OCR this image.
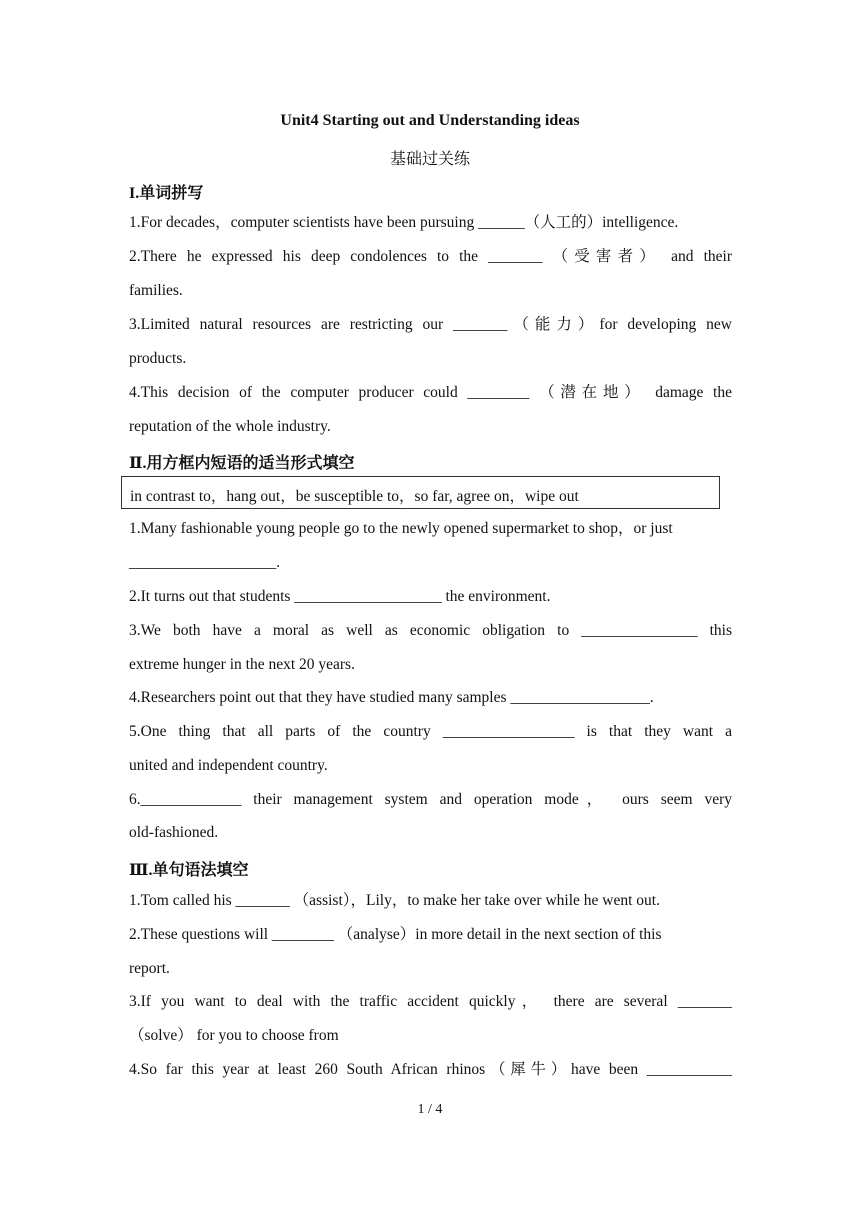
Unit4 Starting out and Understanding ideas
基础过关练
I.单词拼写
1.For decades，computer scientists have been pursuing ______（人工的）intelligence.
2.There he expressed his deep condolences to the _______ （受害者） and their
families.
3.Limited natural resources are restricting our _______（能力）for developing new
products.
4.This decision of the computer producer could ________ （潜在地） damage the
reputation of the whole industry.
Ⅱ.用方框内短语的适当形式填空
in contrast to，hang out，be susceptible to，so far, agree on，wipe out
1.Many fashionable young people go to the newly opened supermarket to shop，or just
___________________.
2.It turns out that students ___________________ the environment.
3.We both have a moral as well as economic obligation to _______________ this
extreme hunger in the next 20 years.
4.Researchers point out that they have studied many samples __________________.
5.One thing that all parts of the country _________________ is that they want a
united and independent country.
6._____________ their management system and operation mode， ours seem very
old-fashioned.
Ⅲ.单句语法填空
1.Tom called his _______ （assist），Lily，to make her take over while he went out.
2.These questions will ________ （analyse）in more detail in the next section of this
report.
3.If you want to deal with the traffic accident quickly， there are several _______
（solve） for you to choose from
4.So far this year at least 260 South African rhinos（犀牛）have been ___________
1 / 4
